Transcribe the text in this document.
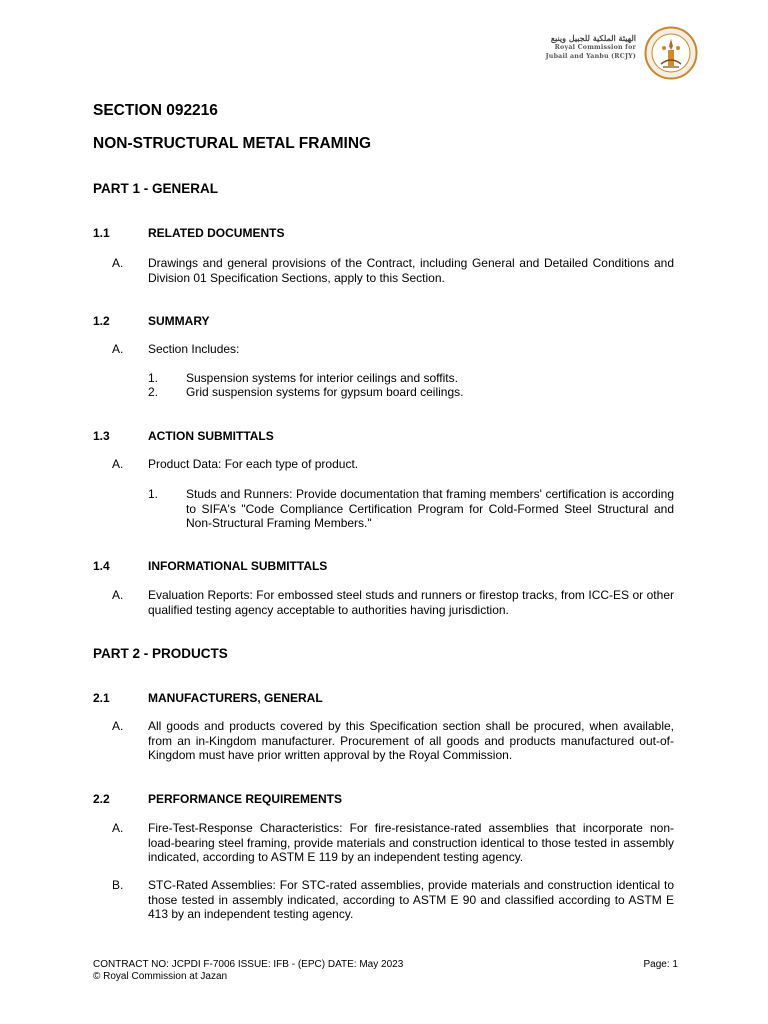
الهيئة الملكية للجبيل وينبع
Royal Commission for
Jubail and Yanbu (RCJY)
SECTION 092216
NON-STRUCTURAL METAL FRAMING
PART 1 - GENERAL
1.1	RELATED DOCUMENTS
A. Drawings and general provisions of the Contract, including General and Detailed Conditions and Division 01 Specification Sections, apply to this Section.
1.2	SUMMARY
A. Section Includes:
1. Suspension systems for interior ceilings and soffits.
2. Grid suspension systems for gypsum board ceilings.
1.3	ACTION SUBMITTALS
A. Product Data: For each type of product.
1. Studs and Runners: Provide documentation that framing members' certification is according to SIFA's "Code Compliance Certification Program for Cold-Formed Steel Structural and Non-Structural Framing Members."
1.4	INFORMATIONAL SUBMITTALS
A. Evaluation Reports: For embossed steel studs and runners or firestop tracks, from ICC-ES or other qualified testing agency acceptable to authorities having jurisdiction.
PART 2 - PRODUCTS
2.1	MANUFACTURERS, GENERAL
A. All goods and products covered by this Specification section shall be procured, when available, from an in-Kingdom manufacturer. Procurement of all goods and products manufactured out-of-Kingdom must have prior written approval by the Royal Commission.
2.2	PERFORMANCE REQUIREMENTS
A. Fire-Test-Response Characteristics: For fire-resistance-rated assemblies that incorporate non-load-bearing steel framing, provide materials and construction identical to those tested in assembly indicated, according to ASTM E 119 by an independent testing agency.
B. STC-Rated Assemblies: For STC-rated assemblies, provide materials and construction identical to those tested in assembly indicated, according to ASTM E 90 and classified according to ASTM E 413 by an independent testing agency.
CONTRACT NO: JCPDI F-7006 ISSUE: IFB - (EPC) DATE: May 2023
© Royal Commission at Jazan
Page: 1
